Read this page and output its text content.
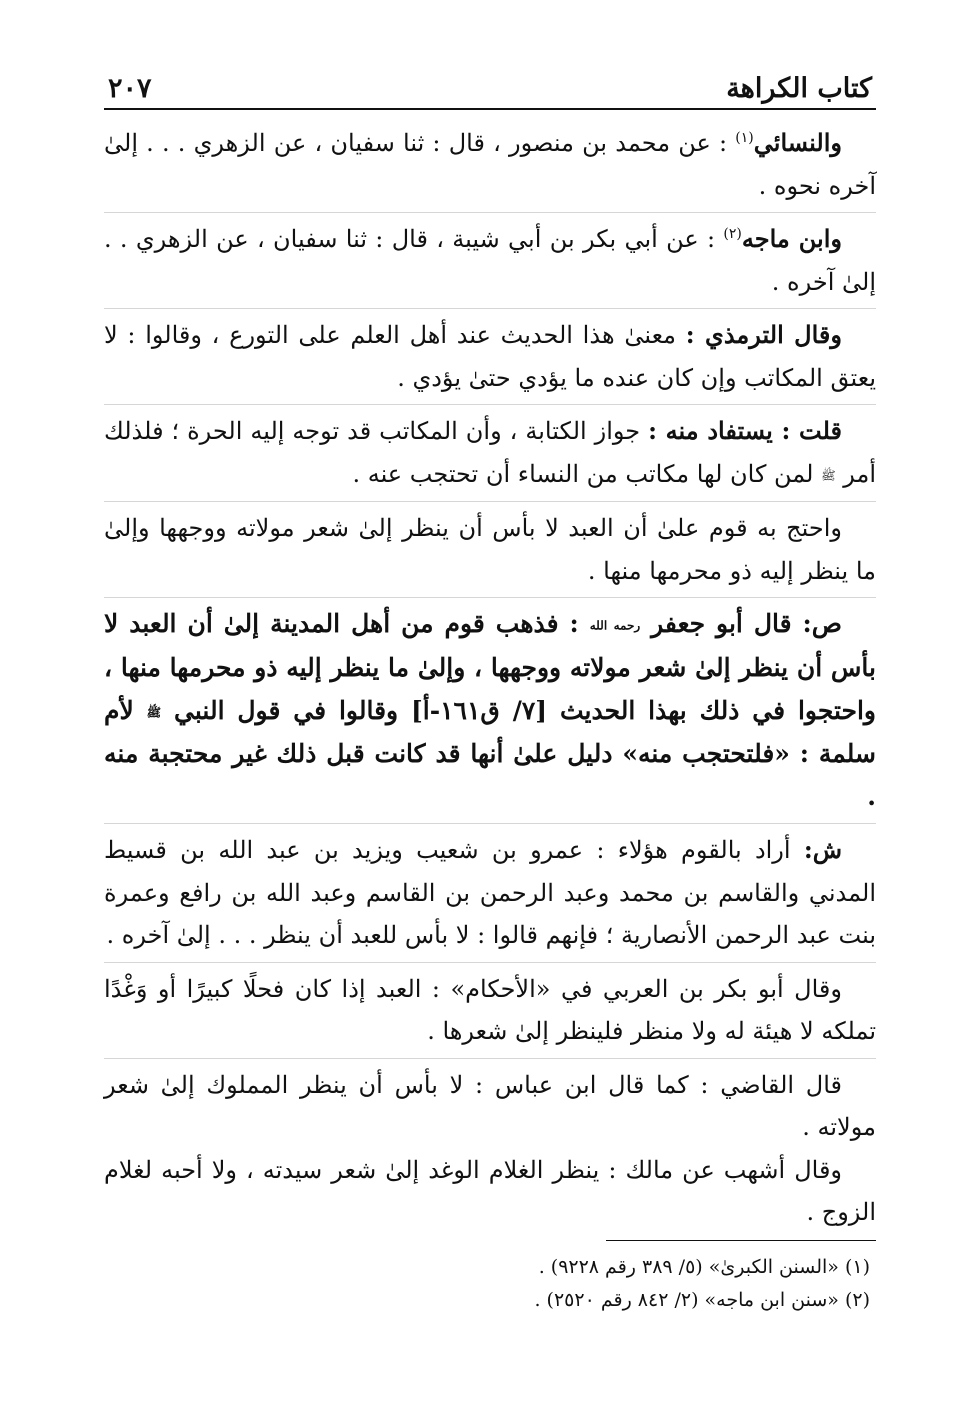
كتاب الكراهة
٢٠٧

والنسائي$^{(١)}$ : عن محمد بن منصور ، قال : ثنا سفيان ، عن الزهري . . . إلىٰ آخره نحوه .

وابن ماجه$^{(٢)}$ : عن أبي بكر بن أبي شيبة ، قال : ثنا سفيان ، عن الزهري . . إلىٰ آخره .

وقال الترمذي : معنىٰ هذا الحديث عند أهل العلم على التورع ، وقالوا : لا يعتق المكاتب وإن كان عنده ما يؤدي حتىٰ يؤدي .

قلت : يستفاد منه : جواز الكتابة ، وأن المكاتب قد توجه إليه الحرة ؛ فلذلك أمر ﷺ لمن كان لها مكاتب من النساء أن تحتجب عنه .

واحتج به قوم علىٰ أن العبد لا بأس أن ينظر إلىٰ شعر مولاته ووجهها وإلىٰ ما ينظر إليه ذو محرمها منها .

ص: قال أبو جعفر رحمه الله : فذهب قوم من أهل المدينة إلىٰ أن العبد لا بأس أن ينظر إلىٰ شعر مولاته ووجهها ، وإلىٰ ما ينظر إليه ذو محرمها منها ، واحتجوا في ذلك بهذا الحديث [٧/ ق١٦١-أ] وقالوا في قول النبي ﷺ لأم سلمة : «فلتحتجب منه» دليل علىٰ أنها قد كانت قبل ذلك غير محتجبة منه .

ش: أراد بالقوم هؤلاء : عمرو بن شعيب ويزيد بن عبد الله بن قسيط المدني والقاسم بن محمد وعبد الرحمن بن القاسم وعبد الله بن رافع وعمرة بنت عبد الرحمن الأنصارية ؛ فإنهم قالوا : لا بأس للعبد أن ينظر . . . إلىٰ آخره .

وقال أبو بكر بن العربي في «الأحكام» : العبد إذا كان فحلًا كبيرًا أو وَغْدًا تملكه لا هيئة له ولا منظر فلينظر إلىٰ شعرها .

قال القاضي : كما قال ابن عباس : لا بأس أن ينظر المملوك إلىٰ شعر مولاته .

وقال أشهب عن مالك : ينظر الغلام الوغد إلىٰ شعر سيدته ، ولا أحبه لغلام الزوج .

(١) «السنن الكبرىٰ» (٥/ ٣٨٩ رقم ٩٢٢٨) .

(٢) «سنن ابن ماجه» (٢/ ٨٤٢ رقم ٢٥٢٠) .
